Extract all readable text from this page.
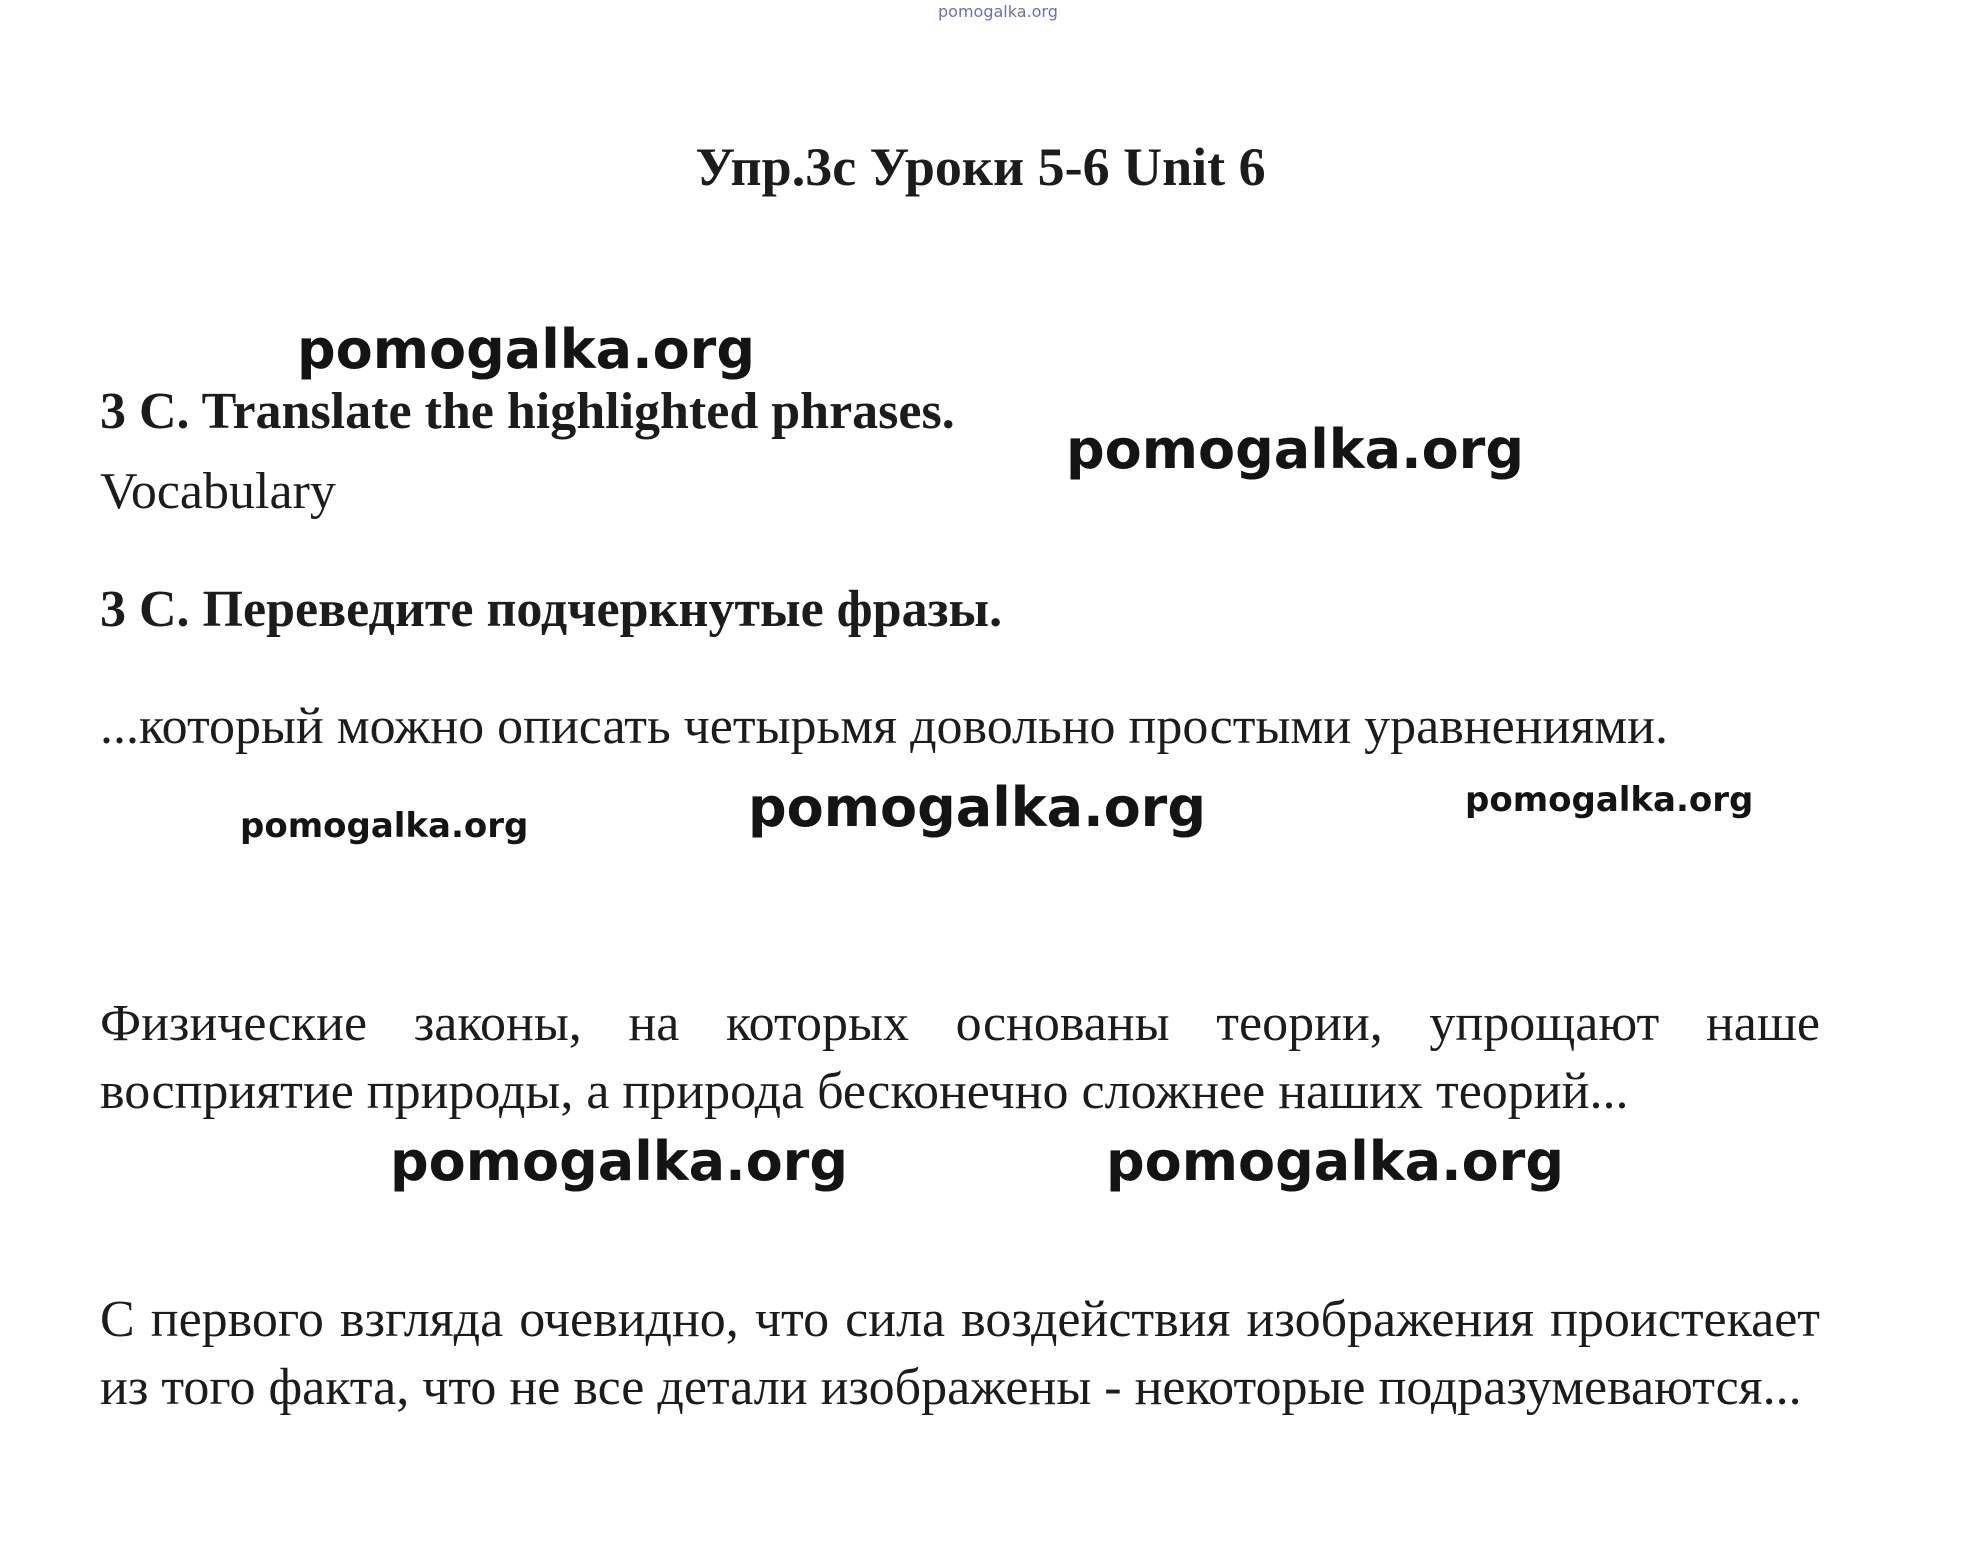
pomogalka.org
Упр.3с Уроки 5-6 Unit 6
pomogalka.org
3 C. Translate the highlighted phrases.
pomogalka.org

Vocabulary

3 С. Переведите подчеркнутые фразы.

...который можно описать четырьмя довольно простыми уравнениями.

pomogalka.org	pomogalka.org	pomogalka.org

Физические законы, на которых основаны теории, упрощают наше восприятие природы, а природа бесконечно сложнее наших теорий...

pomogalka.org	pomogalka.org

С первого взгляда очевидно, что сила воздействия изображения проистекает из того факта, что не все детали изображены - некоторые подразумеваются...
